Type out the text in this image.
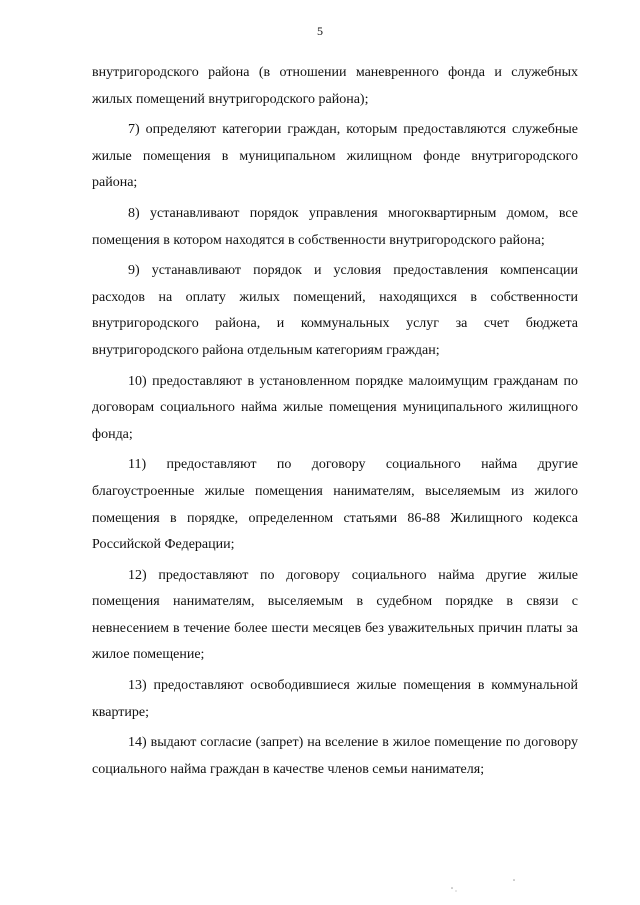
5

внутригородского района (в отношении маневренного фонда и служебных жилых помещений внутригородского района);

7) определяют категории граждан, которым предоставляются служебные жилые помещения в муниципальном жилищном фонде внутригородского района;

8) устанавливают порядок управления многоквартирным домом, все помещения в котором находятся в собственности внутригородского района;

9) устанавливают порядок и условия предоставления компенсации расходов на оплату жилых помещений, находящихся в собственности внутригородского района, и коммунальных услуг за счет бюджета внутригородского района отдельным категориям граждан;

10) предоставляют в установленном порядке малоимущим гражданам по договорам социального найма жилые помещения муниципального жилищного фонда;

11) предоставляют по договору социального найма другие благоустроенные жилые помещения нанимателям, выселяемым из жилого помещения в порядке, определенном статьями 86-88 Жилищного кодекса Российской Федерации;

12) предоставляют по договору социального найма другие жилые помещения нанимателям, выселяемым в судебном порядке в связи с невнесением в течение более шести месяцев без уважительных причин платы за жилое помещение;

13) предоставляют освободившиеся жилые помещения в коммунальной квартире;

14) выдают согласие (запрет) на вселение в жилое помещение по договору социального найма граждан в качестве членов семьи нанимателя;
